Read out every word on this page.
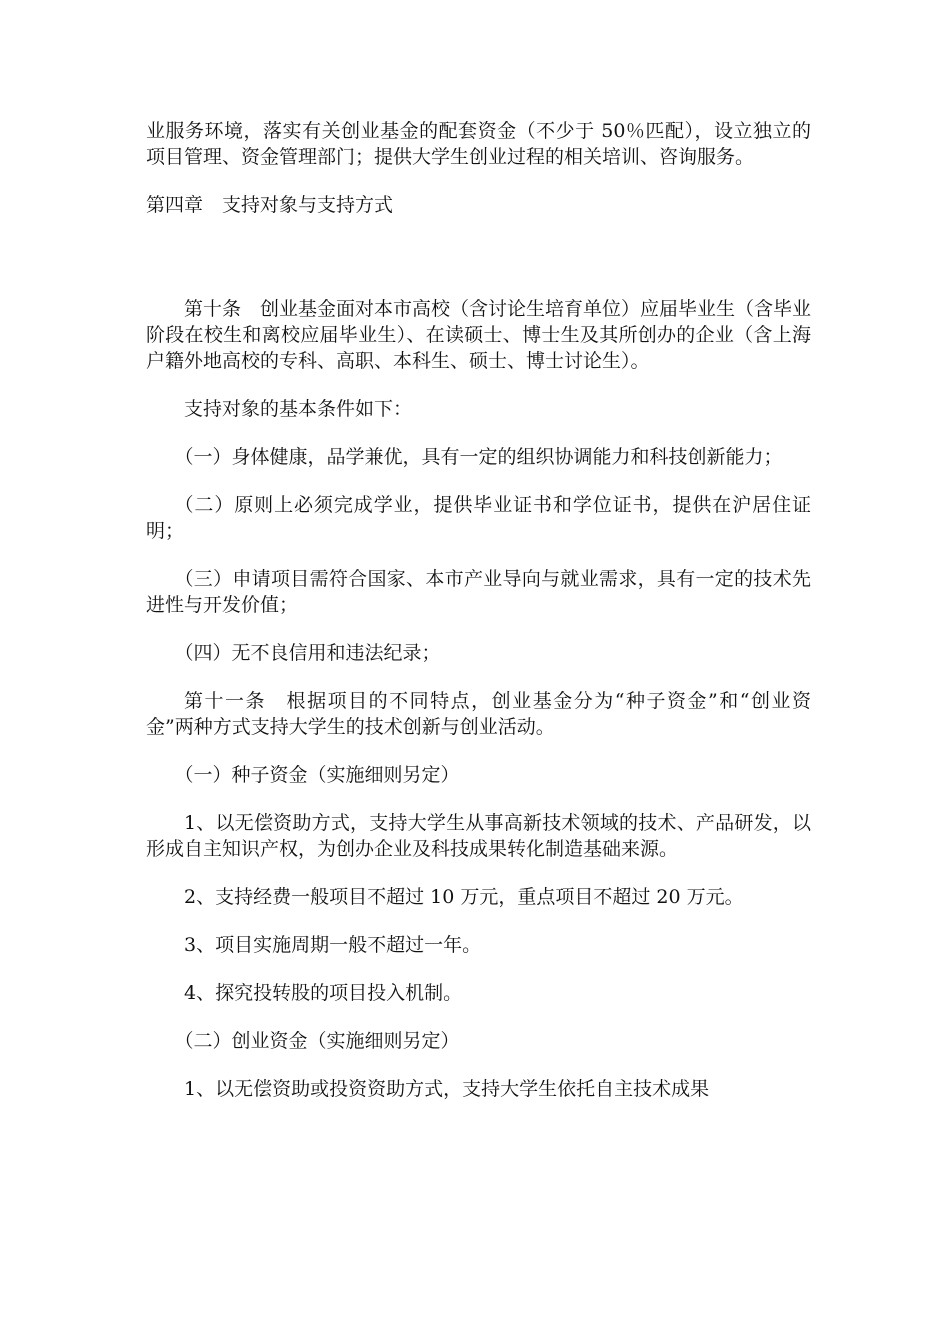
业服务环境，落实有关创业基金的配套资金（不少于 50％匹配），设立独立的项目管理、资金管理部门；提供大学生创业过程的相关培训、咨询服务。

第四章　支持对象与支持方式

第十条　创业基金面对本市高校（含讨论生培育单位）应届毕业生（含毕业阶段在校生和离校应届毕业生）、在读硕士、博士生及其所创办的企业（含上海户籍外地高校的专科、高职、本科生、硕士、博士讨论生）。

支持对象的基本条件如下：

（一）身体健康，品学兼优，具有一定的组织协调能力和科技创新能力；

（二）原则上必须完成学业，提供毕业证书和学位证书，提供在沪居住证明；

（三）申请项目需符合国家、本市产业导向与就业需求，具有一定的技术先进性与开发价值；

（四）无不良信用和违法纪录；

第十一条　根据项目的不同特点，创业基金分为“种子资金”和“创业资金”两种方式支持大学生的技术创新与创业活动。

（一）种子资金（实施细则另定）

1、以无偿资助方式，支持大学生从事高新技术领域的技术、产品研发，以形成自主知识产权，为创办企业及科技成果转化制造基础来源。

2、支持经费一般项目不超过 10 万元，重点项目不超过 20 万元。

3、项目实施周期一般不超过一年。

4、探究投转股的项目投入机制。

（二）创业资金（实施细则另定）

1、以无偿资助或投资资助方式，支持大学生依托自主技术成果
